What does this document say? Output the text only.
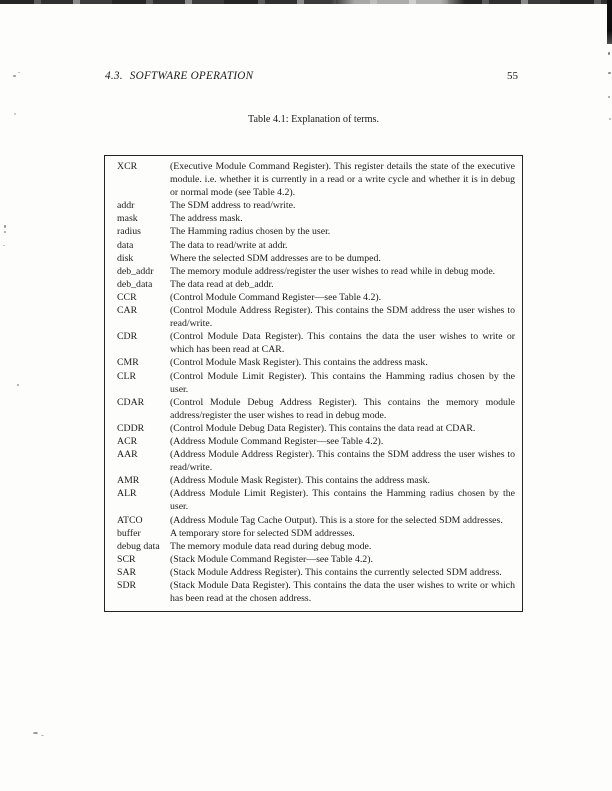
4.3. SOFTWARE OPERATION	55
Table 4.1: Explanation of terms.
XCR	(Executive Module Command Register). This register details the state of the executive module. i.e. whether it is currently in a read or a write cycle and whether it is in debug or normal mode (see Table 4.2).
addr	The SDM address to read/write.
mask	The address mask.
radius	The Hamming radius chosen by the user.
data	The data to read/write at addr.
disk	Where the selected SDM addresses are to be dumped.
deb_addr	The memory module address/register the user wishes to read while in debug mode.
deb_data	The data read at deb_addr.
CCR	(Control Module Command Register—see Table 4.2).
CAR	(Control Module Address Register). This contains the SDM address the user wishes to read/write.
CDR	(Control Module Data Register). This contains the data the user wishes to write or which has been read at CAR.
CMR	(Control Module Mask Register). This contains the address mask.
CLR	(Control Module Limit Register). This contains the Hamming radius chosen by the user.
CDAR	(Control Module Debug Address Register). This contains the memory module address/register the user wishes to read in debug mode.
CDDR	(Control Module Debug Data Register). This contains the data read at CDAR.
ACR	(Address Module Command Register—see Table 4.2).
AAR	(Address Module Address Register). This contains the SDM address the user wishes to read/write.
AMR	(Address Module Mask Register). This contains the address mask.
ALR	(Address Module Limit Register). This contains the Hamming radius chosen by the user.
ATCO	(Address Module Tag Cache Output). This is a store for the selected SDM addresses.
buffer	A temporary store for selected SDM addresses.
debug data	The memory module data read during debug mode.
SCR	(Stack Module Command Register—see Table 4.2).
SAR	(Stack Module Address Register). This contains the currently selected SDM address.
SDR	(Stack Module Data Register). This contains the data the user wishes to write or which has been read at the chosen address.
